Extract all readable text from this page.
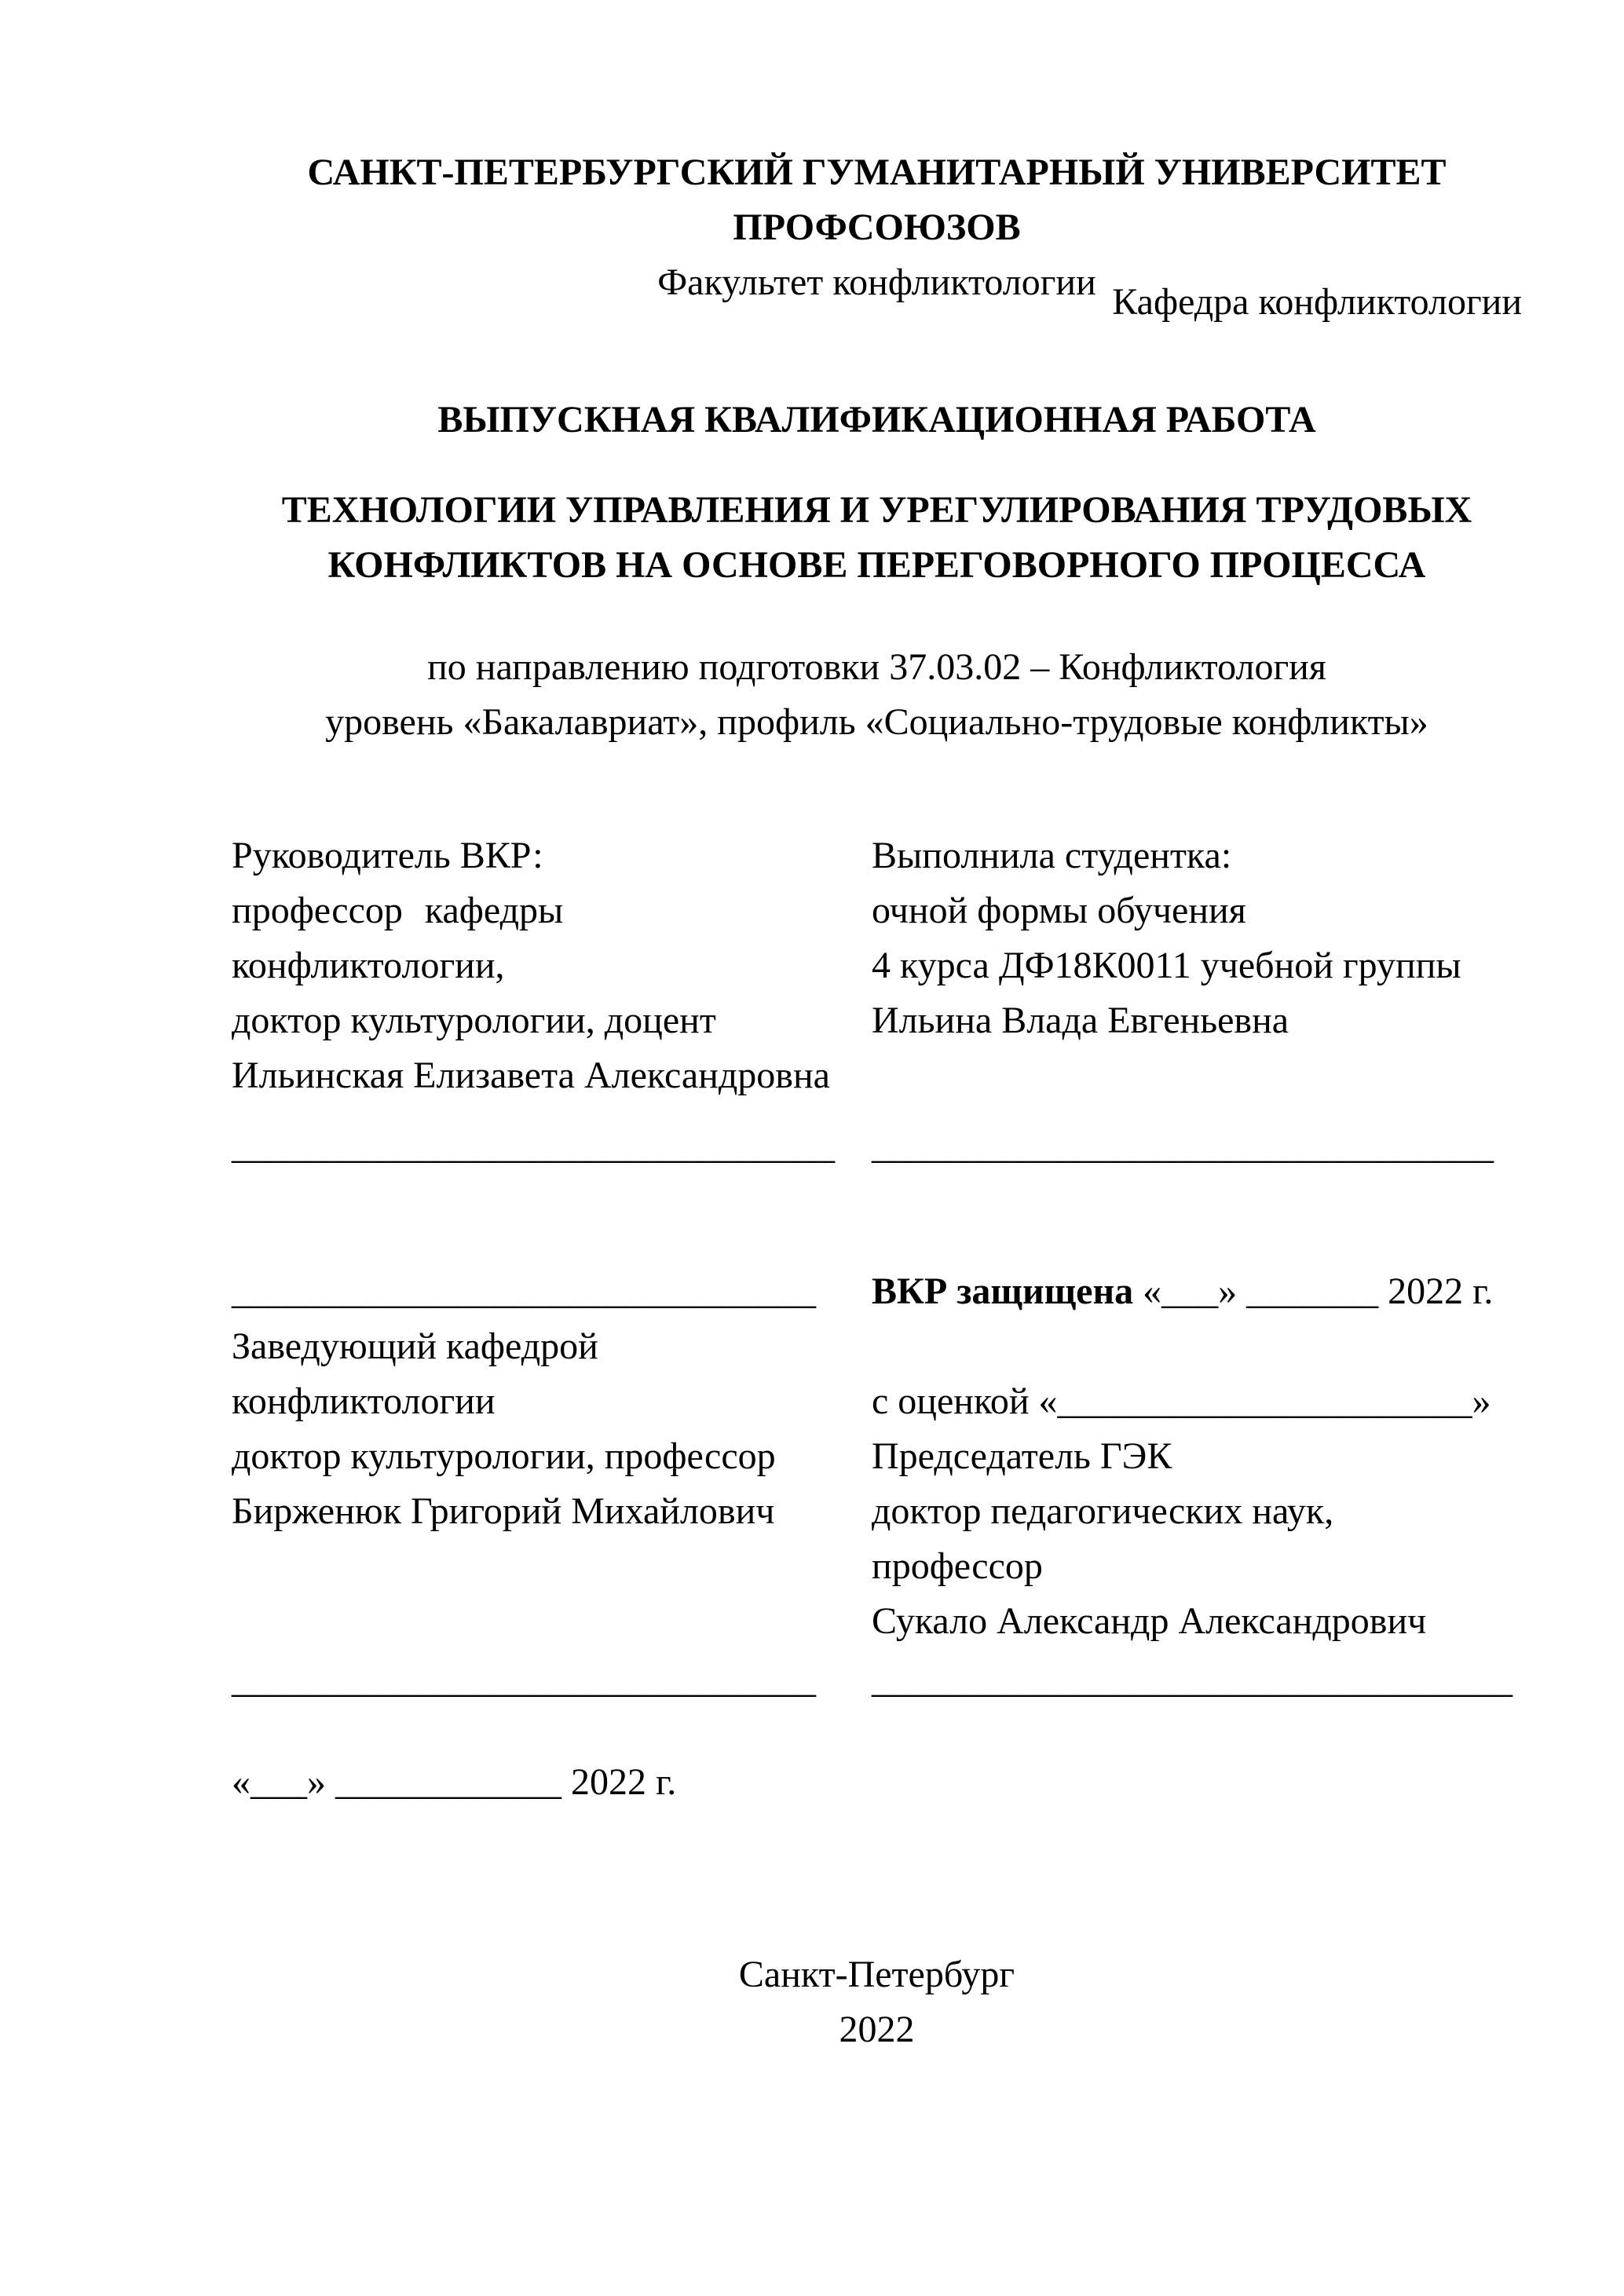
САНКТ-ПЕТЕРБУРГСКИЙ ГУМАНИТАРНЫЙ УНИВЕРСИТЕТ ПРОФСОЮЗОВ
Факультет конфликтологии Кафедра конфликтологии
ВЫПУСКНАЯ КВАЛИФИКАЦИОННАЯ РАБОТА
ТЕХНОЛОГИИ УПРАВЛЕНИЯ И УРЕГУЛИРОВАНИЯ ТРУДОВЫХ
КОНФЛИКТОВ НА ОСНОВЕ ПЕРЕГОВОРНОГО ПРОЦЕССА
по направлению подготовки 37.03.02 – Конфликтология
уровень «Бакалавриат», профиль «Социально-трудовые конфликты»
Руководитель ВКР:
профессор кафедры конфликтологии,
доктор культурологии, доцент
Ильинская Елизавета Александровна
Выполнила студентка:
очной формы обучения
4 курса ДФ18К0011 учебной группы
Ильина Влада Евгеньевна
________________________________ _________________________________
_______________________________
Заведующий кафедрой
конфликтологии
доктор культурологии, профессор
Бирженюк Григорий Михайлович
ВКР защищена «___» _______ 2022 г.

с оценкой «______________________»
Председатель ГЭК
доктор педагогических наук,
профессор
Сукало Александр Александрович
_______________________________	__________________________________
«___» ____________ 2022 г.
Санкт-Петербург
2022
